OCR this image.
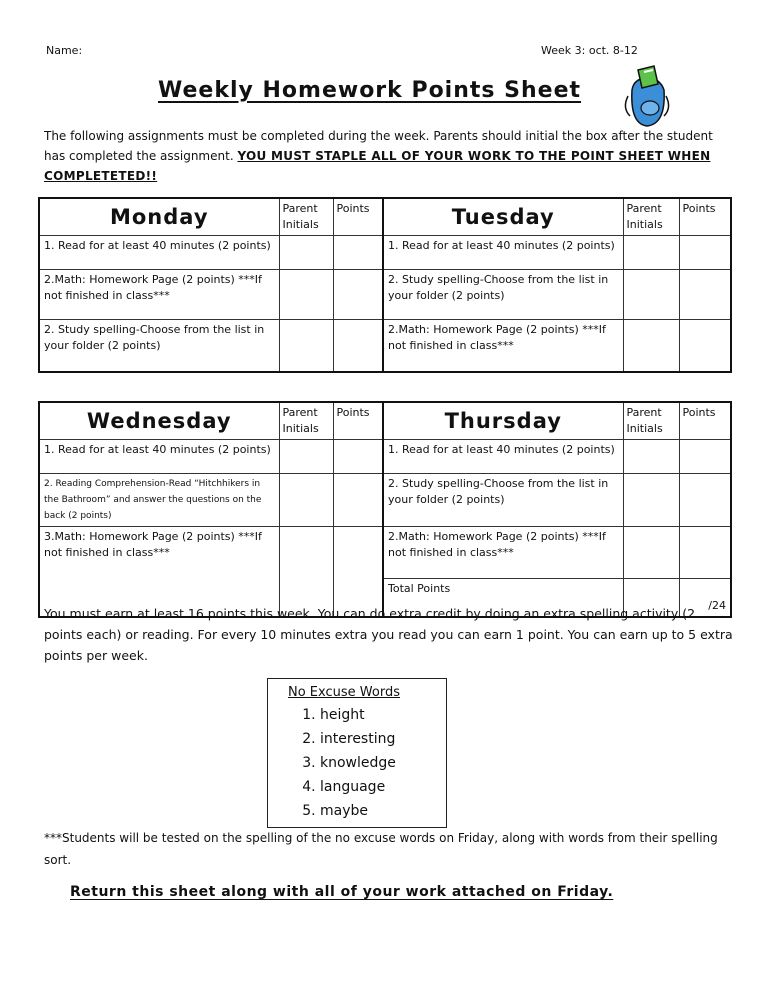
Name:	Week 3: oct. 8-12
Weekly Homework Points Sheet
The following assignments must be completed during the week. Parents should initial the box after the student has completed the assignment. YOU MUST STAPLE ALL OF YOUR WORK TO THE POINT SHEET WHEN COMPLETETED!!
Monday	Parent Initials	Points	Tuesday	Parent Initials	Points
1. Read for at least 40 minutes (2 points)			1. Read for at least 40 minutes (2 points)		
2.Math: Homework Page (2 points) ***If not finished in class***			2. Study spelling-Choose from the list in your folder (2 points)		
2. Study spelling-Choose from the list in your folder (2 points)			2.Math: Homework Page (2 points) ***If not finished in class***		
Wednesday	Parent Initials	Points	Thursday	Parent Initials	Points
1. Read for at least 40 minutes (2 points)			1. Read for at least 40 minutes (2 points)		
2. Reading Comprehension-Read “Hitchhikers in the Bathroom” and answer the questions on the back (2 points)			2. Study spelling-Choose from the list in your folder (2 points)		
3.Math: Homework Page (2 points) ***If not finished in class***			2.Math: Homework Page (2 points) ***If not finished in class***		
			Total Points		/24
You must earn at least 16 points this week. You can do extra credit by doing an extra spelling activity (2 points each) or reading. For every 10 minutes extra you read you can earn 1 point. You can earn up to 5 extra points per week.
No Excuse Words
1. height
2. interesting
3. knowledge
4. language
5. maybe
***Students will be tested on the spelling of the no excuse words on Friday, along with words from their spelling sort.
Return this sheet along with all of your work attached on Friday.
